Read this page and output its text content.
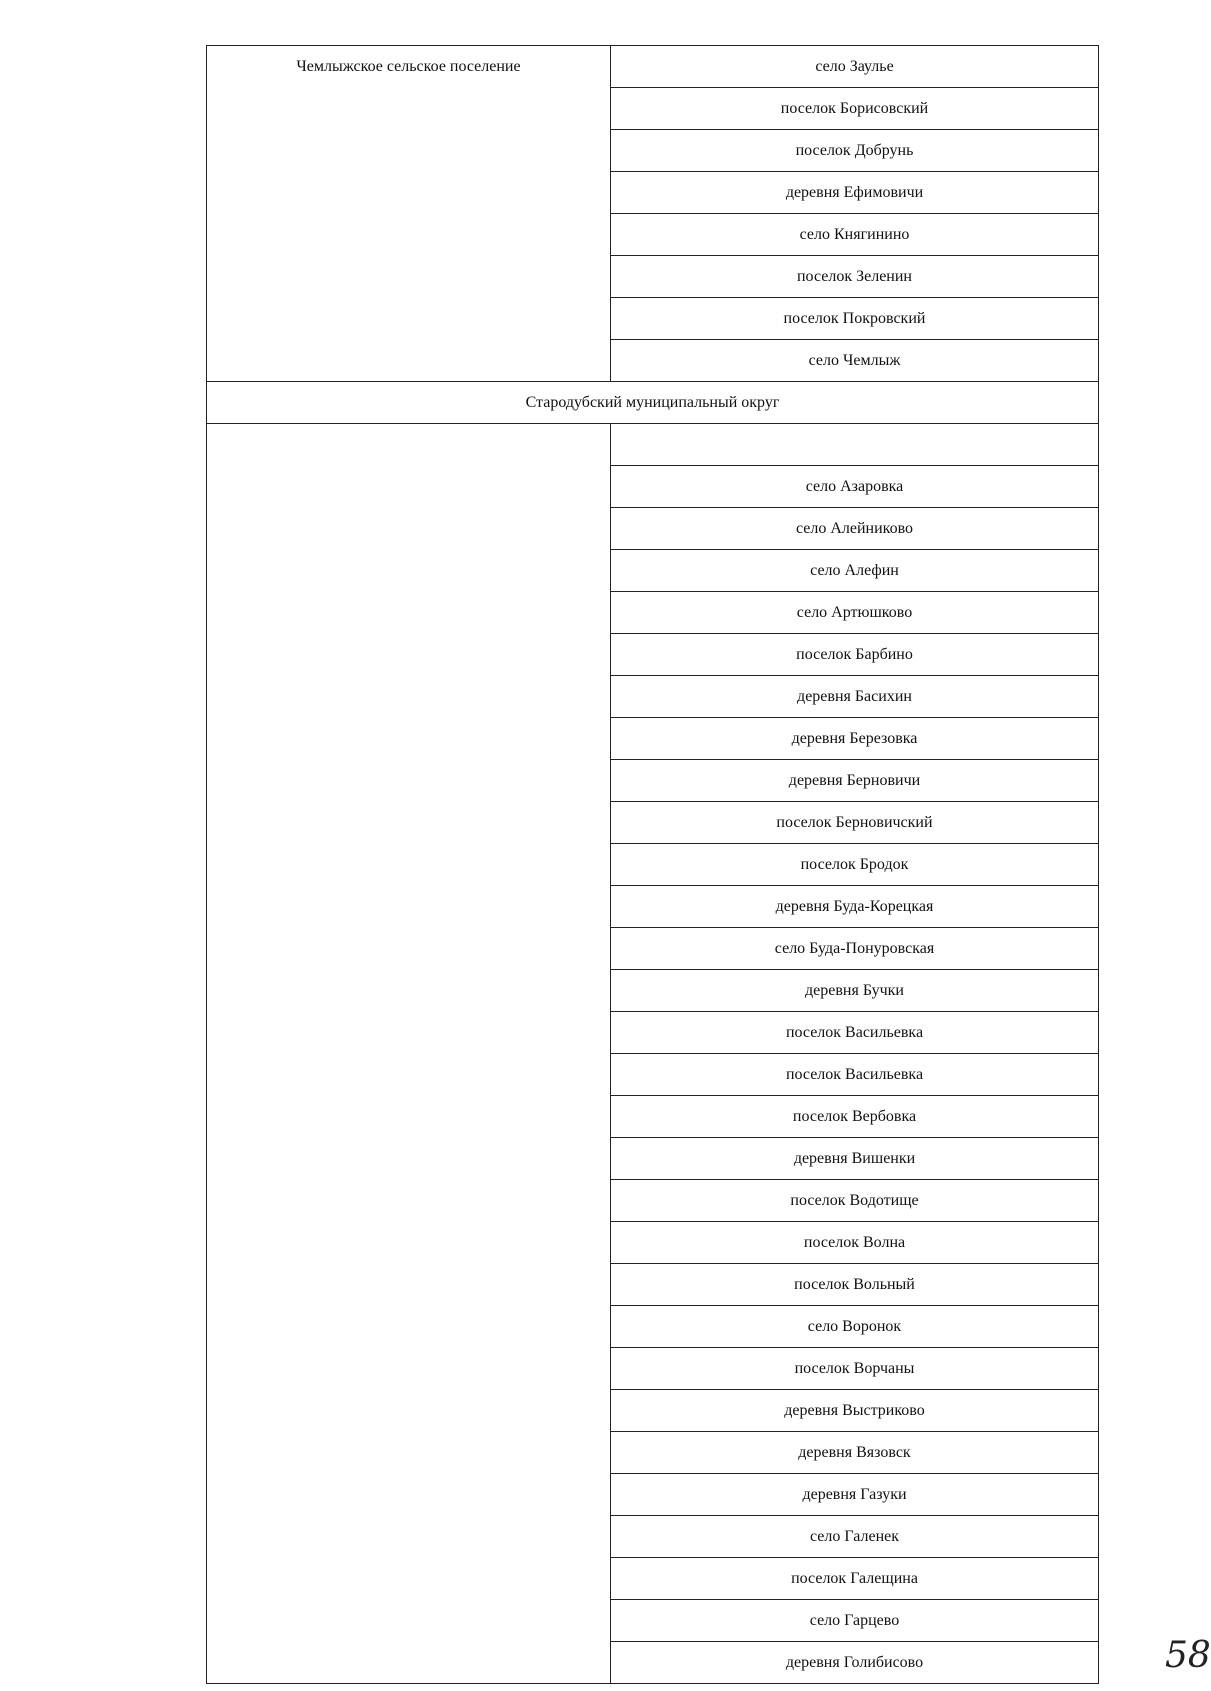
Чемлыжское сельское поселение	село Заулье
	поселок Борисовский
	поселок Добрунь
	деревня Ефимовичи
	село Княгинино
	поселок Зеленин
	поселок Покровский
	село Чемлыж
Стародубский муниципальный округ	

	село Азаровка
	село Алейниково
	село Алефин
	село Артюшково
	поселок Барбино
	деревня Басихин
	деревня Березовка
	деревня Берновичи
	поселок Берновичский
	поселок Бродок
	деревня Буда-Корецкая
	село Буда-Понуровская
	деревня Бучки
	поселок Васильевка
	поселок Васильевка
	поселок Вербовка
	деревня Вишенки
	поселок Водотище
	поселок Волна
	поселок Вольный
	село Воронок
	поселок Ворчаны
	деревня Выстриково
	деревня Вязовск
	деревня Газуки
	село Галенек
	поселок Галещина
	село Гарцево
	деревня Голибисово	58
